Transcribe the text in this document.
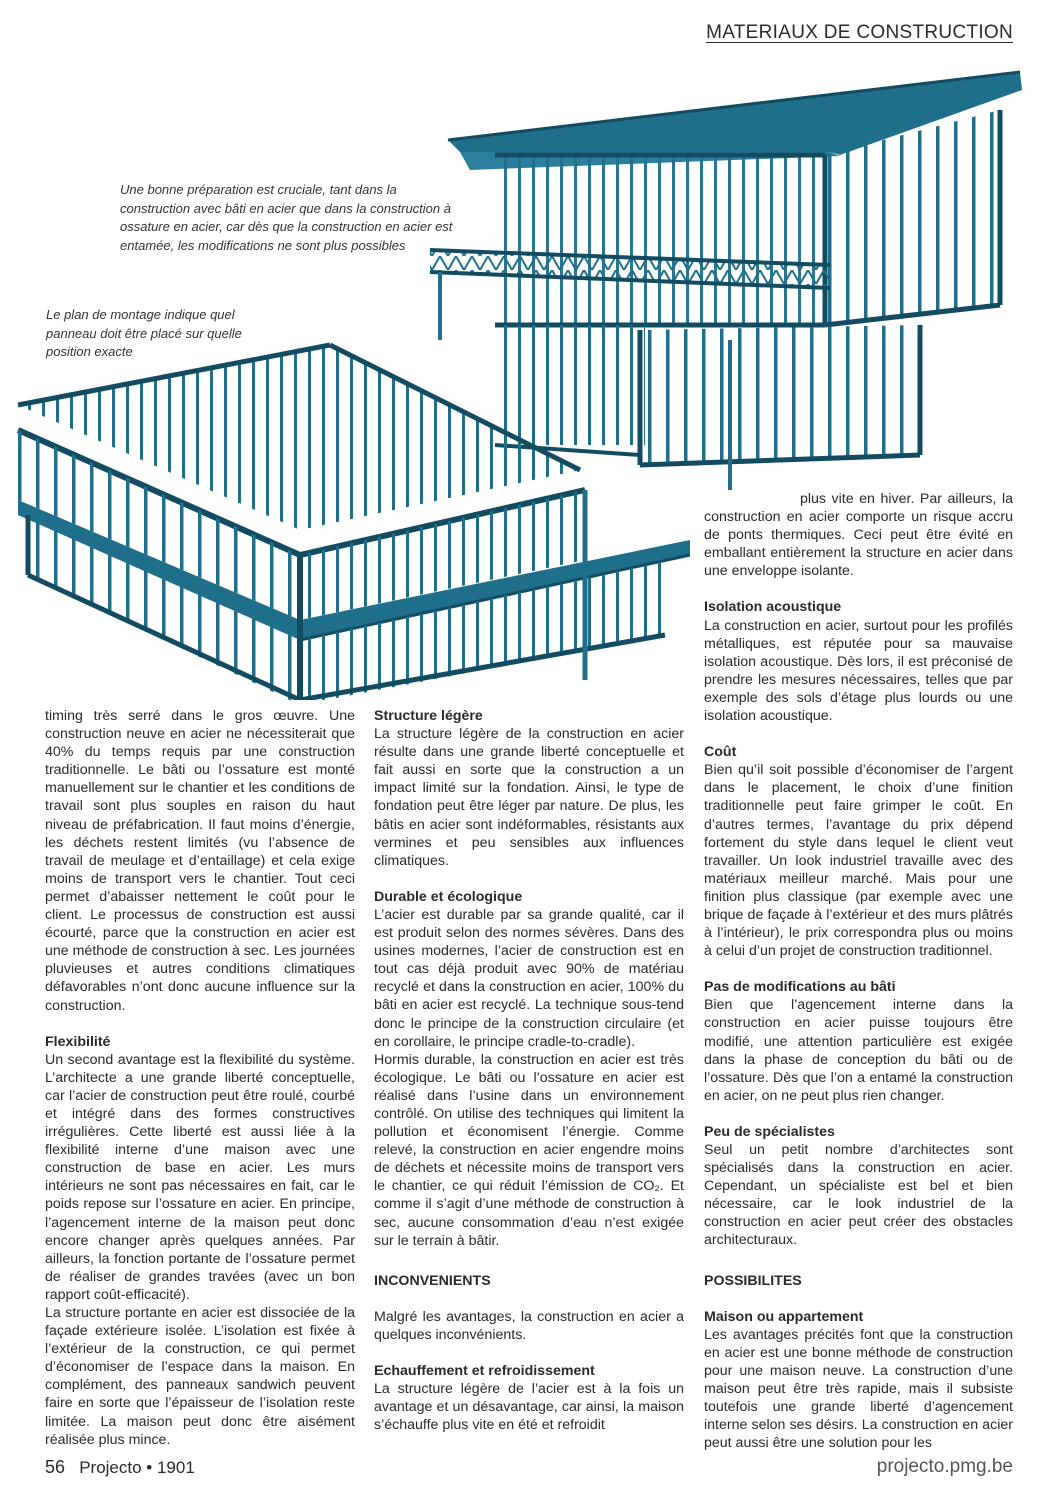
MATERIAUX DE CONSTRUCTION
Une bonne préparation est cruciale, tant dans la construction avec bâti en acier que dans la construction à ossature en acier, car dès que la construction en acier est entamée, les modifications ne sont plus possibles
Le plan de montage indique quel panneau doit être placé sur quelle position exacte

timing très serré dans le gros œuvre. Une construction neuve en acier ne nécessiterait que 40% du temps requis par une construction traditionnelle. Le bâti ou l’ossature est monté manuellement sur le chantier et les conditions de travail sont plus souples en raison du haut niveau de préfabrication. Il faut moins d’énergie, les déchets restent limités (vu l’absence de travail de meulage et d’entaillage) et cela exige moins de transport vers le chantier. Tout ceci permet d’abaisser nettement le coût pour le client. Le processus de construction est aussi écourté, parce que la construction en acier est une méthode de construction à sec. Les journées pluvieuses et autres conditions climatiques défavorables n’ont donc aucune influence sur la construction.

Flexibilité

Un second avantage est la flexibilité du système. L’architecte a une grande liberté conceptuelle, car l’acier de construction peut être roulé, courbé et intégré dans des formes constructives irrégulières. Cette liberté est aussi liée à la flexibilité interne d’une maison avec une construction de base en acier. Les murs intérieurs ne sont pas nécessaires en fait, car le poids repose sur l’ossature en acier. En principe, l’agencement interne de la maison peut donc encore changer après quelques années. Par ailleurs, la fonction portante de l’ossature permet de réaliser de grandes travées (avec un bon rapport coût-efficacité).

La structure portante en acier est dissociée de la façade extérieure isolée. L’isolation est fixée à l’extérieur de la construction, ce qui permet d’économiser de l’espace dans la maison. En complément, des panneaux sandwich peuvent faire en sorte que l’épaisseur de l’isolation reste limitée. La maison peut donc être aisément réalisée plus mince.

Structure légère

La structure légère de la construction en acier résulte dans une grande liberté conceptuelle et fait aussi en sorte que la construction a un impact limité sur la fondation. Ainsi, le type de fondation peut être léger par nature. De plus, les bâtis en acier sont indéformables, résistants aux vermines et peu sensibles aux influences climatiques.

Durable et écologique

L’acier est durable par sa grande qualité, car il est produit selon des normes sévères. Dans des usines modernes, l’acier de construction est en tout cas déjà produit avec 90% de matériau recyclé et dans la construction en acier, 100% du bâti en acier est recyclé. La technique sous-tend donc le principe de la construction circulaire (et en corollaire, le principe cradle-to-cradle).

Hormis durable, la construction en acier est très écologique. Le bâti ou l’ossature en acier est réalisé dans l’usine dans un environnement contrôlé. On utilise des techniques qui limitent la pollution et économisent l’énergie. Comme relevé, la construction en acier engendre moins de déchets et nécessite moins de transport vers le chantier, ce qui réduit l’émission de CO₂. Et comme il s’agit d’une méthode de construction à sec, aucune consommation d’eau n’est exigée sur le terrain à bâtir.

INCONVENIENTS

Malgré les avantages, la construction en acier a quelques inconvénients.

Echauffement et refroidissement

La structure légère de l’acier est à la fois un avantage et un désavantage, car ainsi, la maison s’échauffe plus vite en été et refroidit

plus vite en hiver. Par ailleurs, la construction en acier comporte un risque accru de ponts thermiques. Ceci peut être évité en emballant entièrement la structure en acier dans une enveloppe isolante.

Isolation acoustique

La construction en acier, surtout pour les profilés métalliques, est réputée pour sa mauvaise isolation acoustique. Dès lors, il est préconisé de prendre les mesures nécessaires, telles que par exemple des sols d’étage plus lourds ou une isolation acoustique.

Coût

Bien qu’il soit possible d’économiser de l’argent dans le placement, le choix d’une finition traditionnelle peut faire grimper le coût. En d’autres termes, l’avantage du prix dépend fortement du style dans lequel le client veut travailler. Un look industriel travaille avec des matériaux meilleur marché. Mais pour une finition plus classique (par exemple avec une brique de façade à l’extérieur et des murs plâtrés à l’intérieur), le prix correspondra plus ou moins à celui d’un projet de construction traditionnel.

Pas de modifications au bâti

Bien que l’agencement interne dans la construction en acier puisse toujours être modifié, une attention particulière est exigée dans la phase de conception du bâti ou de l’ossature. Dès que l’on a entamé la construction en acier, on ne peut plus rien changer.

Peu de spécialistes

Seul un petit nombre d’architectes sont spécialisés dans la construction en acier. Cependant, un spécialiste est bel et bien nécessaire, car le look industriel de la construction en acier peut créer des obstacles architecturaux.

POSSIBILITES
Maison ou appartement

Les avantages précités font que la construction en acier est une bonne méthode de construction pour une maison neuve. La construction d’une maison peut être très rapide, mais il subsiste toutefois une grande liberté d’agencement interne selon ses désirs. La construction en acier peut aussi être une solution pour les

56 Projecto • 1901	projecto.pmg.be
